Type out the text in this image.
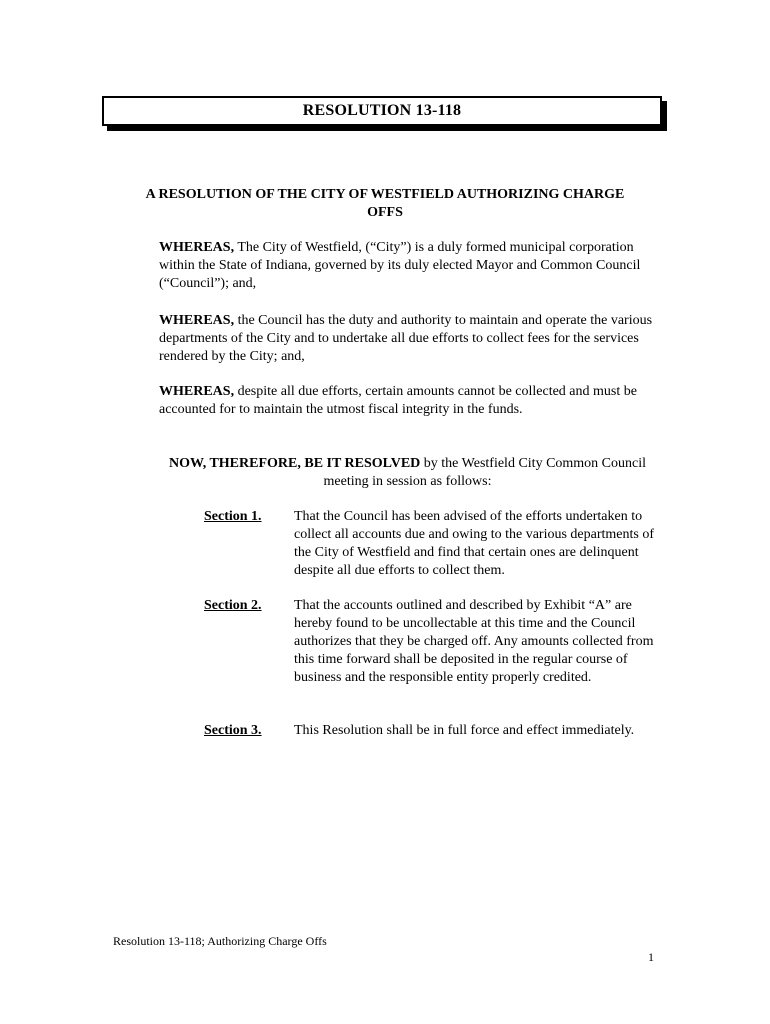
RESOLUTION 13-118
A RESOLUTION OF THE CITY OF WESTFIELD AUTHORIZING CHARGE
OFFS
WHEREAS, The City of Westfield, (“City”) is a duly formed municipal corporation within the State of Indiana, governed by its duly elected Mayor and Common Council (“Council”); and,
WHEREAS, the Council has the duty and authority to maintain and operate the various departments of the City and to undertake all due efforts to collect fees for the services rendered by the City; and,
WHEREAS, despite all due efforts, certain amounts cannot be collected and must be accounted for to maintain the utmost fiscal integrity in the funds.
NOW, THEREFORE, BE IT RESOLVED by the Westfield City Common Council meeting in session as follows:
Section 1.	That the Council has been advised of the efforts undertaken to collect all accounts due and owing to the various departments of the City of Westfield and find that certain ones are delinquent despite all due efforts to collect them.
Section 2.	That the accounts outlined and described by Exhibit “A” are hereby found to be uncollectable at this time and the Council authorizes that they be charged off. Any amounts collected from this time forward shall be deposited in the regular course of business and the responsible entity properly credited.
Section 3.	This Resolution shall be in full force and effect immediately.
Resolution 13-118; Authorizing Charge Offs
1
